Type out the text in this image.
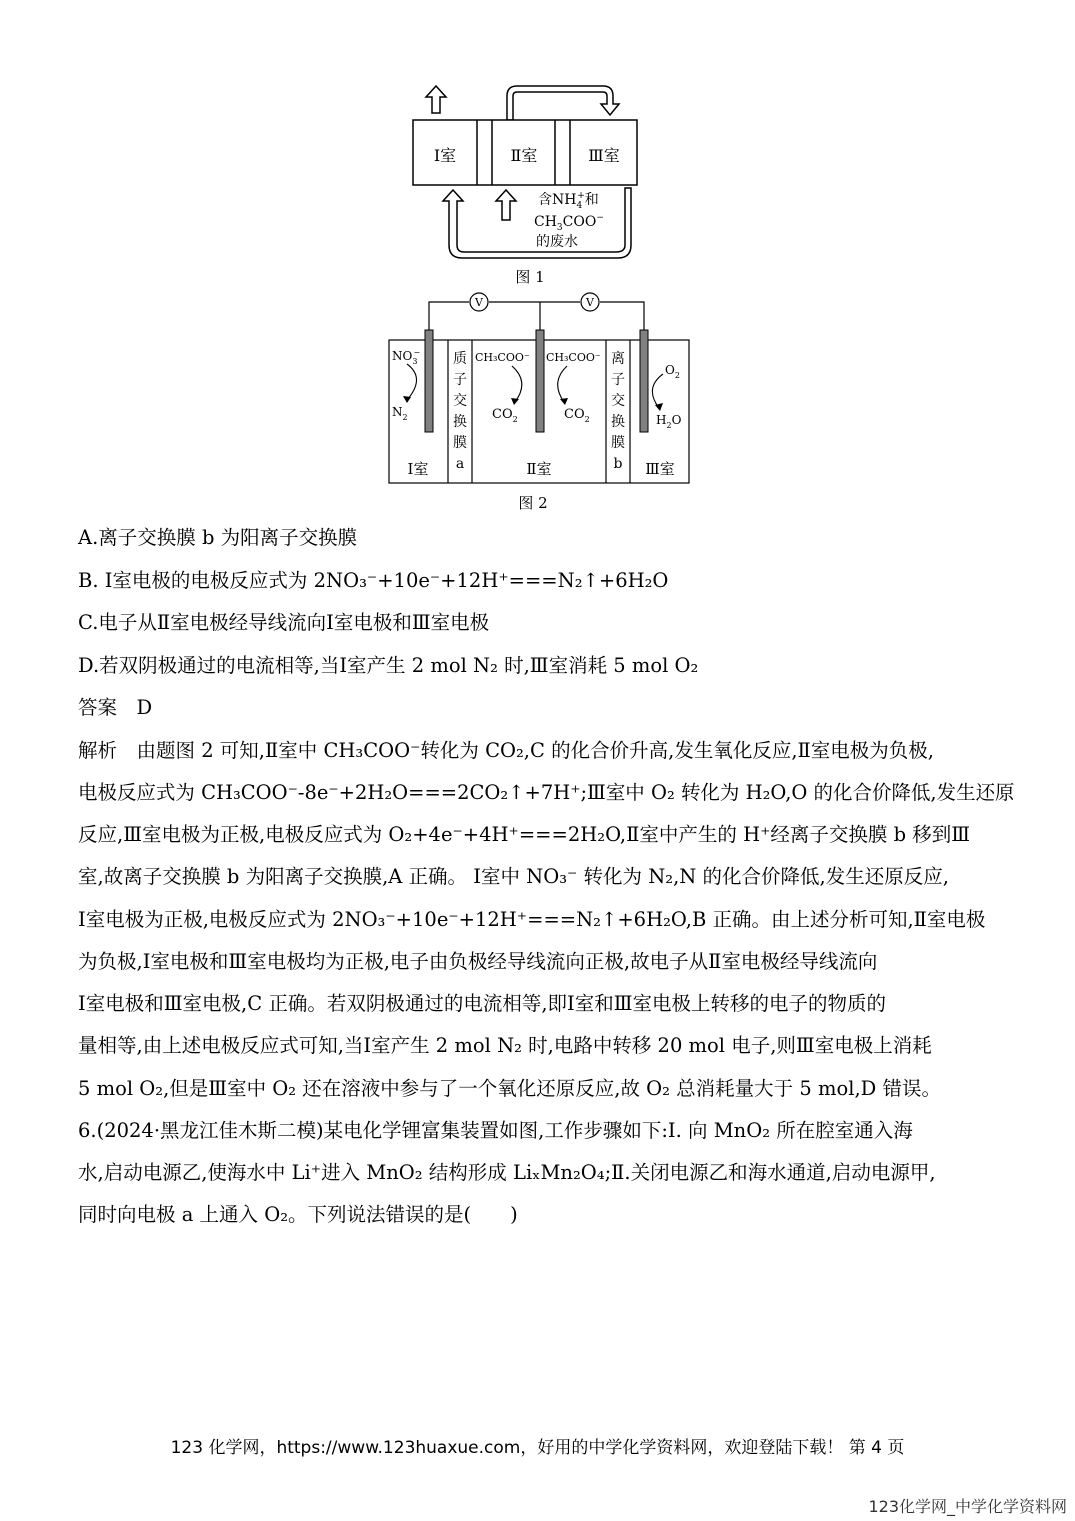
Ⅰ室	Ⅱ室	Ⅲ室
含$NH_4+$和
$CH_3COO^-$
的废水
图 1
V	V
$NO_3-$
$N_2$
Ⅰ室
质
子
交
换
膜
a
CH₃COO⁻ CH₃COO⁻
$CO_2$	$CO_2$
Ⅱ室
离
子
交
换
膜
b
$O_2$
$H_2O$
Ⅲ室
图 2
A.离子交换膜 b 为阳离子交换膜
B. Ⅰ室电极的电极反应式为 2NO₃⁻+10e⁻+12H⁺===N₂↑+6H₂O
C.电子从Ⅱ室电极经导线流向Ⅰ室电极和Ⅲ室电极
D.若双阴极通过的电流相等,当Ⅰ室产生 2 mol N₂ 时,Ⅲ室消耗 5 mol O₂
答案　D
解析　由题图 2 可知,Ⅱ室中 CH₃COO⁻转化为 CO₂,C 的化合价升高,发生氧化反应,Ⅱ室电极为负极,
电极反应式为 CH₃COO⁻-8e⁻+2H₂O===2CO₂↑+7H⁺;Ⅲ室中 O₂ 转化为 H₂O,O 的化合价降低,发生还原
反应,Ⅲ室电极为正极,电极反应式为 O₂+4e⁻+4H⁺===2H₂O,Ⅱ室中产生的 H⁺经离子交换膜 b 移到Ⅲ
室,故离子交换膜 b 为阳离子交换膜,A 正确。 Ⅰ室中 NO₃⁻ 转化为 N₂,N 的化合价降低,发生还原反应,
Ⅰ室电极为正极,电极反应式为 2NO₃⁻+10e⁻+12H⁺===N₂↑+6H₂O,B 正确。由上述分析可知,Ⅱ室电极
为负极,Ⅰ室电极和Ⅲ室电极均为正极,电子由负极经导线流向正极,故电子从Ⅱ室电极经导线流向
Ⅰ室电极和Ⅲ室电极,C 正确。若双阴极通过的电流相等,即Ⅰ室和Ⅲ室电极上转移的电子的物质的
量相等,由上述电极反应式可知,当Ⅰ室产生 2 mol N₂ 时,电路中转移 20 mol 电子,则Ⅲ室电极上消耗
5 mol O₂,但是Ⅲ室中 O₂ 还在溶液中参与了一个氧化还原反应,故 O₂ 总消耗量大于 5 mol,D 错误。
6.(2024·黑龙江佳木斯二模)某电化学锂富集装置如图,工作步骤如下:Ⅰ. 向 MnO₂ 所在腔室通入海
水,启动电源乙,使海水中 Li⁺进入 MnO₂ 结构形成 LiₓMn₂O₄;Ⅱ.关闭电源乙和海水通道,启动电源甲,
同时向电极 a 上通入 O₂。下列说法错误的是(　　)
123 化学网，https://www.123huaxue.com，好用的中学化学资料网，欢迎登陆下载！ 第 4 页
123化学网_中学化学资料网
